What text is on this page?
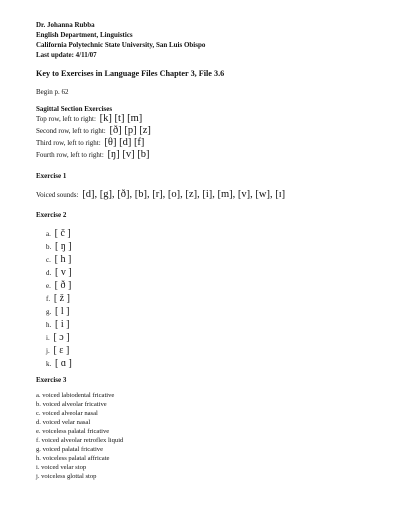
Dr. Johanna Rubba
English Department, Linguistics
California Polytechnic State University, San Luis Obispo
Last update: 4/11/07
Key to Exercises in Language Files Chapter 3, File 3.6
Begin p. 62
Sagittal Section Exercises
Top row, left to right: [k] [t] [m]
Second row, left to right: [ð] [p] [z]
Third row, left to right: [θ] [d] [f]
Fourth row, left to right: [ŋ] [v] [b]
Exercise 1
Voiced sounds: [d], [g], [ð], [b], [r], [o], [z], [i], [m], [v], [w], [ɪ]
Exercise 2
a. [ č ]
b. [ ŋ ]
c. [ h ]
d. [ v ]
e. [ ð ]
f. [ ž ]
g. [ l ]
h. [ i ]
i. [ ɔ ]
j. [ ɛ ]
k. [ ɑ ]
Exercise 3
a. voiced labiodental fricative
b. voiced alveolar fricative
c. voiced alveolar nasal
d. voiced velar nasal
e. voiceless palatal fricative
f. voiced alveolar retroflex liquid
g. voiced palatal fricative
h. voiceless palatal affricate
i. voiced velar stop
j. voiceless glottal stop
